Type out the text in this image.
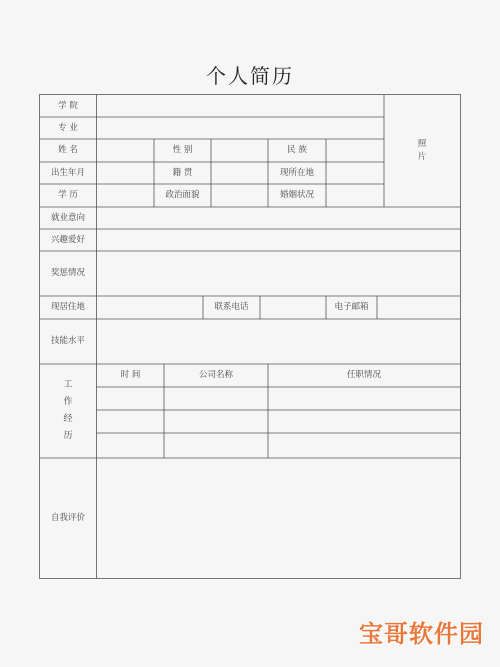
个人简历
学 院
专 业
姓 名	性 别	民 族
出生年月	籍 贯	现所在地
学 历	政治面貌	婚姻状况
照
片
就业意向
兴趣爱好
奖惩情况
现居住地	联系电话	电子邮箱
技能水平
工
作
经
历
时 间	公司名称	任职情况
自我评价
宝哥软件园
